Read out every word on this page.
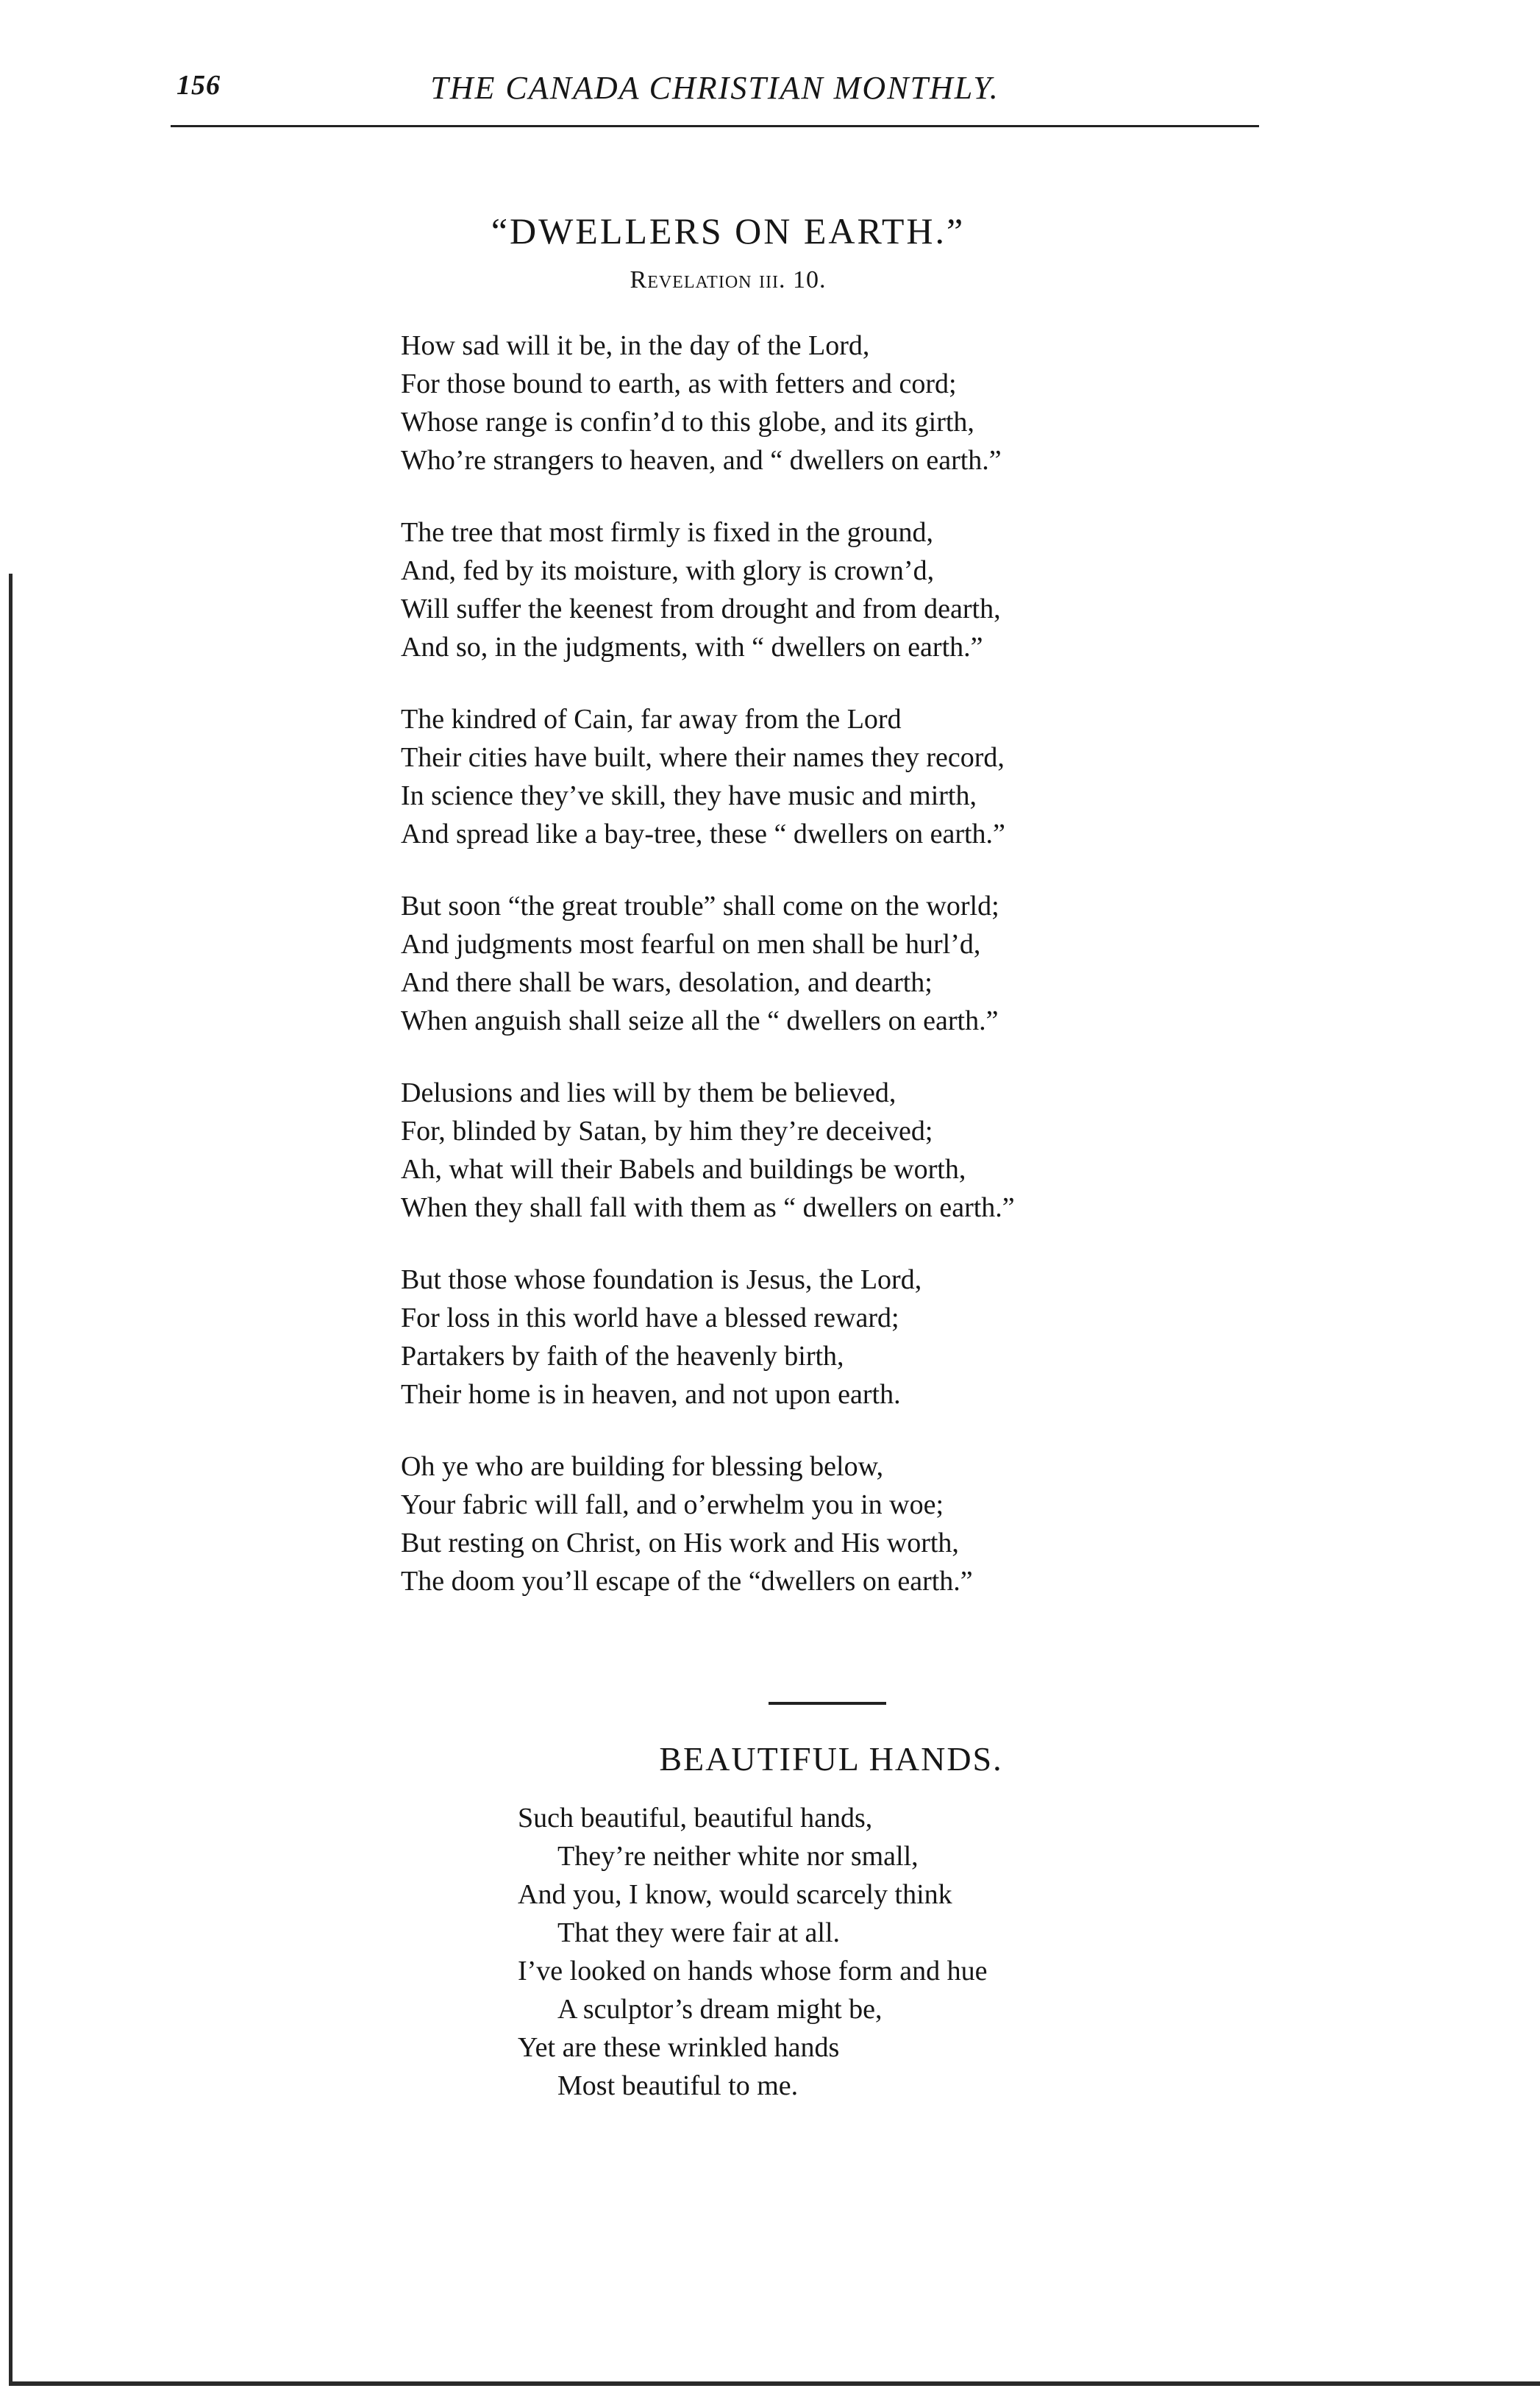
156	THE CANADA CHRISTIAN MONTHLY.
“DWELLERS ON EARTH.”
Revelation iii. 10.
How sad will it be, in the day of the Lord,
For those bound to earth, as with fetters and cord;
Whose range is confin’d to this globe, and its girth,
Who’re strangers to heaven, and “ dwellers on earth.”
The tree that most firmly is fixed in the ground,
And, fed by its moisture, with glory is crown’d,
Will suffer the keenest from drought and from dearth,
And so, in the judgments, with “ dwellers on earth.”
The kindred of Cain, far away from the Lord
Their cities have built, where their names they record,
In science they’ve skill, they have music and mirth,
And spread like a bay-tree, these “ dwellers on earth.”
But soon “the great trouble” shall come on the world;
And judgments most fearful on men shall be hurl’d,
And there shall be wars, desolation, and dearth;
When anguish shall seize all the “ dwellers on earth.”
Delusions and lies will by them be believed,
For, blinded by Satan, by him they’re deceived;
Ah, what will their Babels and buildings be worth,
When they shall fall with them as “ dwellers on earth.”
But those whose foundation is Jesus, the Lord,
For loss in this world have a blessed reward;
Partakers by faith of the heavenly birth,
Their home is in heaven, and not upon earth.
Oh ye who are building for blessing below,
Your fabric will fall, and o’erwhelm you in woe;
But resting on Christ, on His work and His worth,
The doom you’ll escape of the “dwellers on earth.”
BEAUTIFUL HANDS.
Such beautiful, beautiful hands,
They’re neither white nor small,
And you, I know, would scarcely think
That they were fair at all.
I’ve looked on hands whose form and hue
A sculptor’s dream might be,
Yet are these wrinkled hands
Most beautiful to me.
